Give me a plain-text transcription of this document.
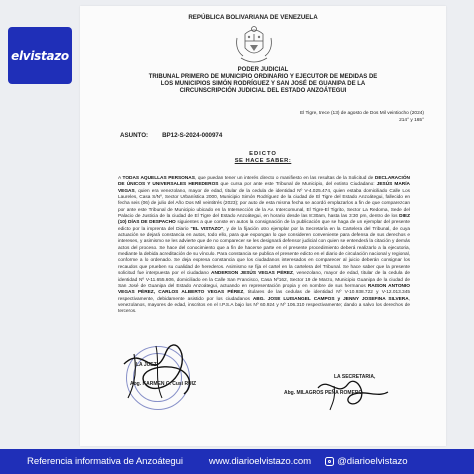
elvistazo
REPÚBLICA BOLIVARIANA DE VENEZUELA
PODER JUDICIAL
TRIBUNAL PRIMERO DE MUNICIPIO ORDINARIO Y EJECUTOR DE MEDIDAS DE
LOS MUNICIPIOS SIMÓN RODRÍGUEZ Y SAN JOSÉ DE GUANIPA DE LA
CIRCUNSCRIPCIÓN JUDICIAL DEL ESTADO ANZOÁTEGUI
El Tigre, trece (13) de agosto de Dos Mil veintiocho (2024)
214° y 165°
ASUNTO: BP12-S-2024-000974
EDICTO
SE HACE SABER:
A TODAS AQUELLAS PERSONAS, que puedan tener un interés directo o manifiesto en las resultas de la Solicitud de DECLARACIÓN DE ÚNICOS Y UNIVERSALES HEREDEROS que cursa por ante este Tribunal de Municipio, del extinto Ciudadano: JESÚS MARÍA VEGAS, quien era venezolano, mayor de edad, titular de la cedula de identidad Nº V-4.025.474, quien estaba domiciliado Calle Los Laureles, Casa S/Nº, Sector Urbanística 2000, Municipio Simón Rodríguez de la ciudad de El Tigre del Estado Anzoátegui, fallecido en fecha seis (06) de julio del Año Dos Mil veintitrés (2023); por auto de esta misma fecha se acordó emplazarlos a fin de que comparezcan por ante este Tribunal de Municipio ubicado en la Intersección de la Av. Intercomunal, El Tigre-El Tigrito, Sector La Redoma, Sede del Palacio de Justicia de la ciudad de El Tigre del Estado Anzoátegui, en horario desde las 8:30am, hasta las 3:30 pm, dentro de los DIEZ (10) DÍAS DE DESPACHO siguientes a que conste en autos la consignación de la publicación que se haga de un ejemplar del presente edicto por la imprenta del Diario "EL VISTAZO", y de la fijación otro ejemplar por la Secretaría en la Cartelera del Tribunal, de cuya actuación se dejará constancia en autos, todo ello, para que expongan lo que consideren conveniente para defensa de sus derechos e intereses, y asimismo se les advierte que de no comparecer se les designará defensor judicial con quien se entenderá la citación y demás actos del proceso. Se hace del conocimiento que a fin de hacerse parte en el presente procedimiento deberá realizarlo a la ejecutoria, mediante la debida acreditación de su vínculo. Para constancia se publica el presente edicto en el diario de circulación nacional y regional, conforme a lo ordenado. Se deja expresa constancia que los ciudadanos interesados en comparecer al juicio deberán consignar los recaudos que prueben su cualidad de herederos. Asimismo se fija el cartel en la cartelera del Tribunal. Se hace saber que la presente solicitud fue interpuesta por el ciudadano ANDERSON JESÚS VEGAS PÉREZ, venezolano, mayor de edad, titular de la cedula de identidad Nº V-11.655.606, domiciliado en la Calle San Francisco, Casa Nº162, Sector 19 de Marzo, Municipio Guanipa de la ciudad de San José de Guanipa del Estado Anzoátegui, actuando en representación propia y en nombre de sus hermanos RAISON ANTONIO VEGAS PÉREZ, CARLOS ALBERTO VEGAS PÉREZ, titulares de las cedulas de identidad Nº V-10.938.722 y V-12.013.345 respectivamente, debidamente asistido por los ciudadanos ABG. JOSE LUISANGEL CAMPOS y JENNY JOSEFINA SILVERA, venezolanos, mayores de edad, inscritos en el I.P.S.A bajo los Nº 60.924 y Nº 106.310 respectivamente; dando a salvo los derechos de terceros.
LA JUEZ,
Abg. KARMEN C. Cusi RUIZ
LA SECRETARIA,
Abg. MILAGROS PEÑA ROMERO
Referencia informativa de Anzoátegui	www.diarioelvistazo.com	@diarioelvistazo
